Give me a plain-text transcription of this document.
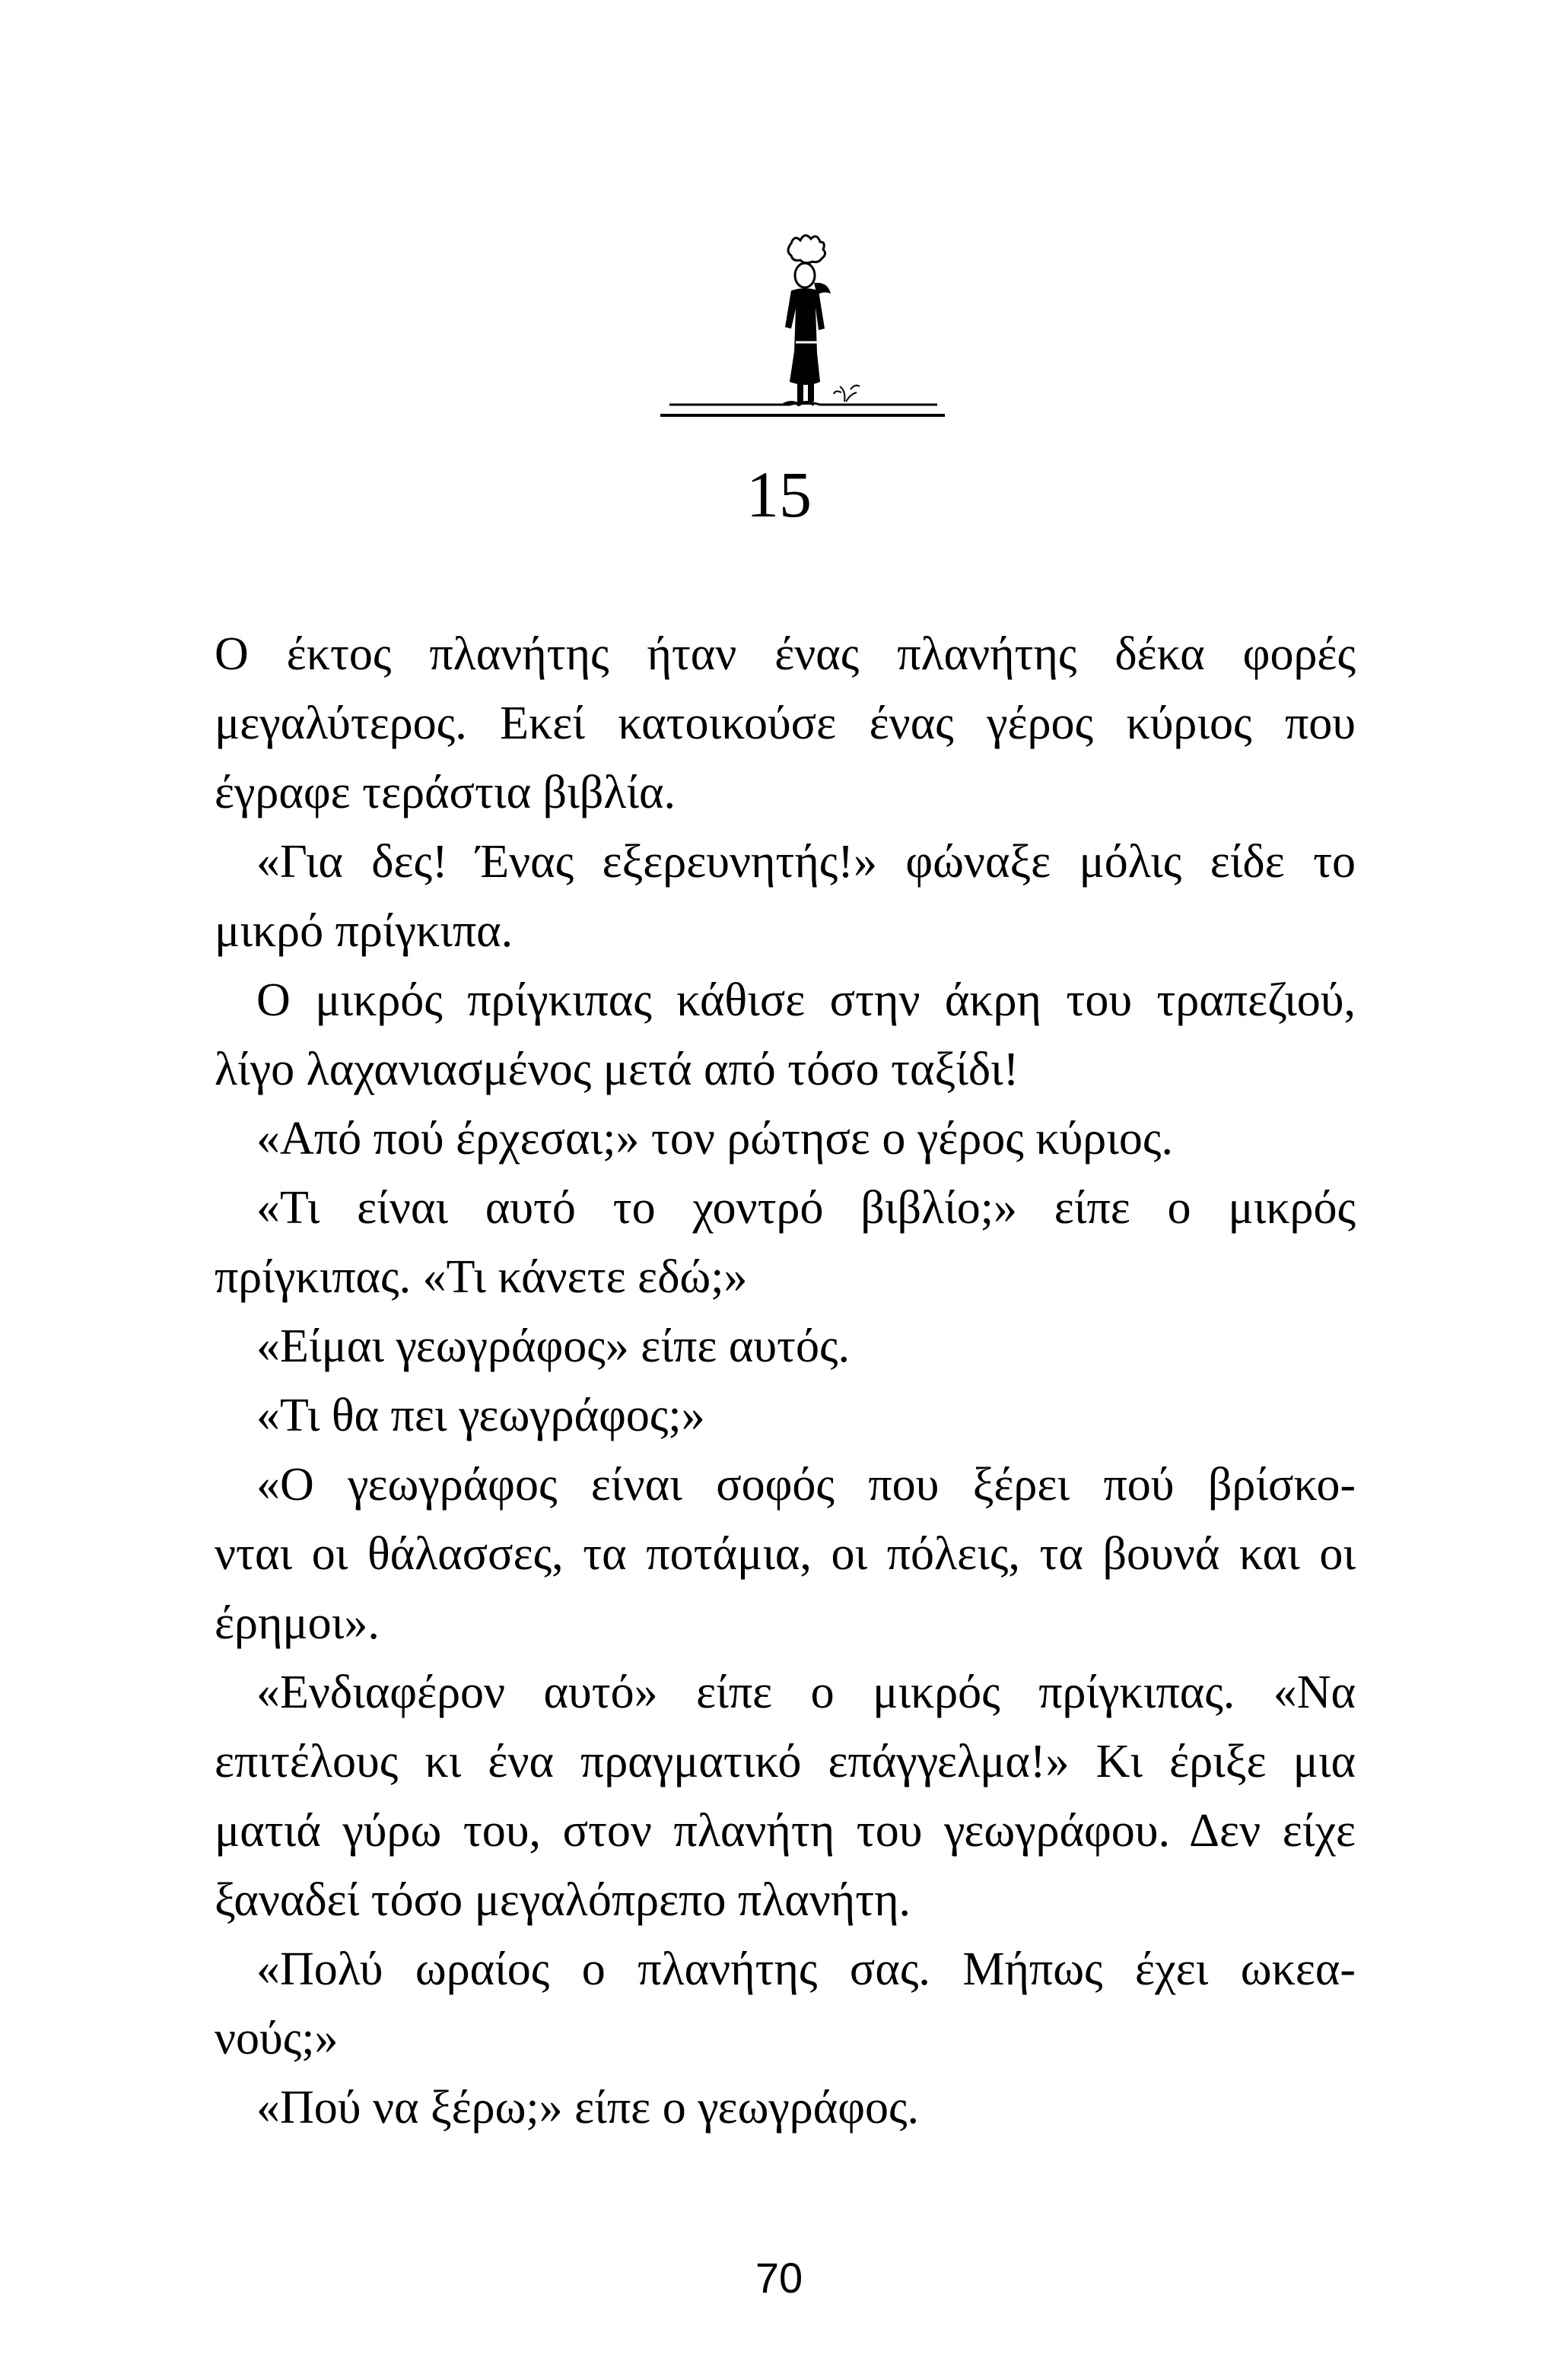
15
Ο έκτος πλανήτης ήταν ένας πλανήτης δέκα φορές
μεγαλύτερος. Εκεί κατοικούσε ένας γέρος κύριος που
έγραφε τεράστια βιβλία.
«Για δες! Ένας εξερευνητής!» φώναξε μόλις είδε το
μικρό πρίγκιπα.
Ο μικρός πρίγκιπας κάθισε στην άκρη του τραπεζιού,
λίγο λαχανιασμένος μετά από τόσο ταξίδι!
«Από πού έρχεσαι;» τον ρώτησε ο γέρος κύριος.
«Τι είναι αυτό το χοντρό βιβλίο;» είπε ο μικρός
πρίγκιπας. «Τι κάνετε εδώ;»
«Είμαι γεωγράφος» είπε αυτός.
«Τι θα πει γεωγράφος;»
«Ο γεωγράφος είναι σοφός που ξέρει πού βρίσκο-
νται οι θάλασσες, τα ποτάμια, οι πόλεις, τα βουνά και οι
έρημοι».
«Ενδιαφέρον αυτό» είπε ο μικρός πρίγκιπας. «Να
επιτέλους κι ένα πραγματικό επάγγελμα!» Κι έριξε μια
ματιά γύρω του, στον πλανήτη του γεωγράφου. Δεν είχε
ξαναδεί τόσο μεγαλόπρεπο πλανήτη.
«Πολύ ωραίος ο πλανήτης σας. Μήπως έχει ωκεα-
νούς;»
«Πού να ξέρω;» είπε ο γεωγράφος.
70
